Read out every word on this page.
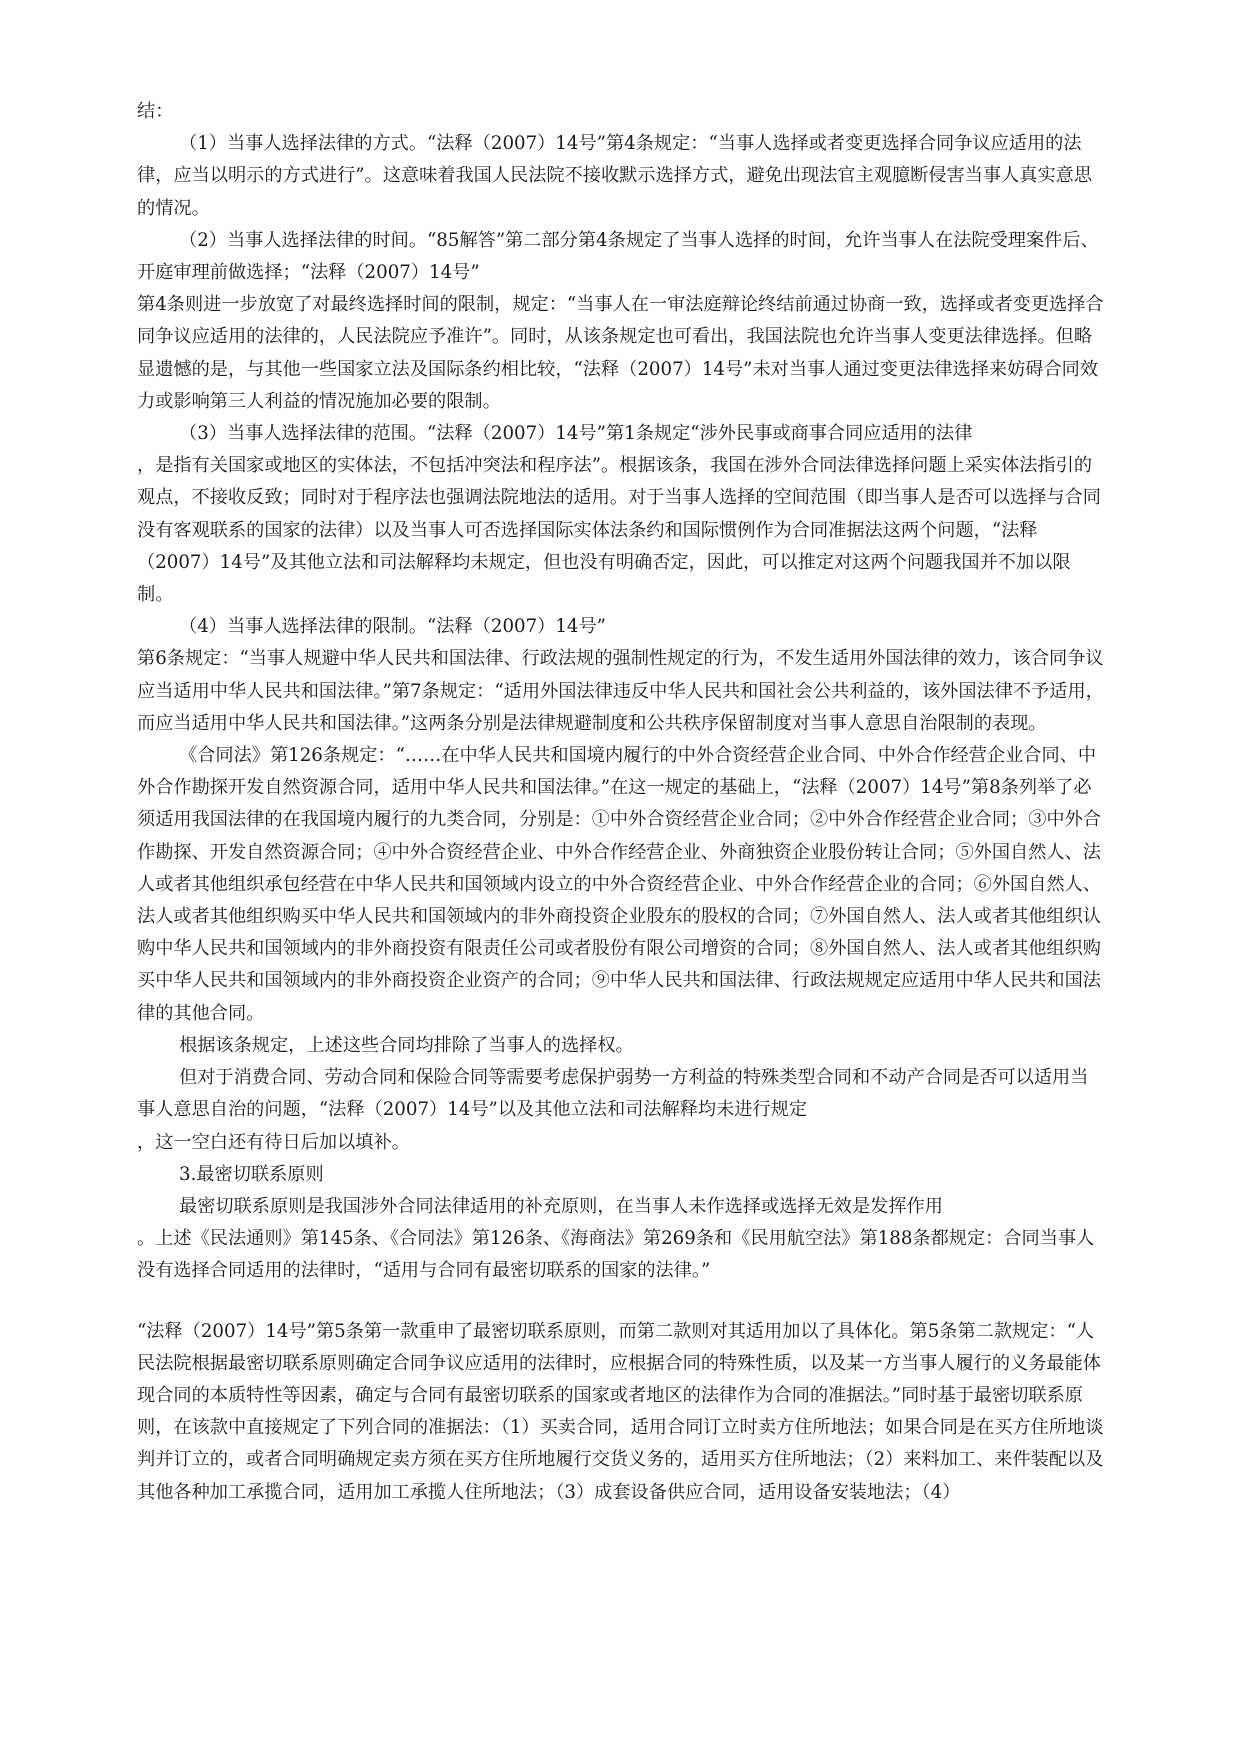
结：

（1）当事人选择法律的方式。“法释（2007）14号”第4条规定：“当事人选择或者变更选择合同争议应适用的法律，应当以明示的方式进行”。这意味着我国人民法院不接收默示选择方式，避免出现法官主观臆断侵害当事人真实意思的情况。

（2）当事人选择法律的时间。“85解答”第二部分第4条规定了当事人选择的时间，允许当事人在法院受理案件后、开庭审理前做选择；“法释（2007）14号”
第4条则进一步放宽了对最终选择时间的限制，规定：“当事人在一审法庭辩论终结前通过协商一致，选择或者变更选择合同争议应适用的法律的，人民法院应予准许”。同时，从该条规定也可看出，我国法院也允许当事人变更法律选择。但略显遗憾的是，与其他一些国家立法及国际条约相比较，“法释（2007）14号”未对当事人通过变更法律选择来妨碍合同效力或影响第三人利益的情况施加必要的限制。

（3）当事人选择法律的范围。“法释（2007）14号”第1条规定“涉外民事或商事合同应适用的法律
，是指有关国家或地区的实体法，不包括冲突法和程序法”。根据该条，我国在涉外合同法律选择问题上采实体法指引的观点，不接收反致；同时对于程序法也强调法院地法的适用。对于当事人选择的空间范围（即当事人是否可以选择与合同没有客观联系的国家的法律）以及当事人可否选择国际实体法条约和国际惯例作为合同准据法这两个问题，“法释（2007）14号”及其他立法和司法解释均未规定，但也没有明确否定，因此，可以推定对这两个问题我国并不加以限制。

（4）当事人选择法律的限制。“法释（2007）14号”
第6条规定：“当事人规避中华人民共和国法律、行政法规的强制性规定的行为，不发生适用外国法律的效力，该合同争议应当适用中华人民共和国法律。”第7条规定：“适用外国法律违反中华人民共和国社会公共利益的，该外国法律不予适用，而应当适用中华人民共和国法律。”这两条分别是法律规避制度和公共秩序保留制度对当事人意思自治限制的表现。

《合同法》第126条规定：“……在中华人民共和国境内履行的中外合资经营企业合同、中外合作经营企业合同、中外合作勘探开发自然资源合同，适用中华人民共和国法律。”在这一规定的基础上，“法释（2007）14号”第8条列举了必须适用我国法律的在我国境内履行的九类合同，分别是：①中外合资经营企业合同；②中外合作经营企业合同；③中外合作勘探、开发自然资源合同；④中外合资经营企业、中外合作经营企业、外商独资企业股份转让合同；⑤外国自然人、法人或者其他组织承包经营在中华人民共和国领域内设立的中外合资经营企业、中外合作经营企业的合同；⑥外国自然人、法人或者其他组织购买中华人民共和国领域内的非外商投资企业股东的股权的合同；⑦外国自然人、法人或者其他组织认购中华人民共和国领域内的非外商投资有限责任公司或者股份有限公司增资的合同；⑧外国自然人、法人或者其他组织购买中华人民共和国领域内的非外商投资企业资产的合同；⑨中华人民共和国法律、行政法规规定应适用中华人民共和国法律的其他合同。

根据该条规定，上述这些合同均排除了当事人的选择权。

但对于消费合同、劳动合同和保险合同等需要考虑保护弱势一方利益的特殊类型合同和不动产合同是否可以适用当事人意思自治的问题，“法释（2007）14号”以及其他立法和司法解释均未进行规定
，这一空白还有待日后加以填补。

3.最密切联系原则

最密切联系原则是我国涉外合同法律适用的补充原则，在当事人未作选择或选择无效是发挥作用
。上述《民法通则》第145条、《合同法》第126条、《海商法》第269条和《民用航空法》第188条都规定：合同当事人没有选择合同适用的法律时，“适用与合同有最密切联系的国家的法律。”

“法释（2007）14号”第5条第一款重申了最密切联系原则，而第二款则对其适用加以了具体化。第5条第二款规定：“人民法院根据最密切联系原则确定合同争议应适用的法律时，应根据合同的特殊性质，以及某一方当事人履行的义务最能体现合同的本质特性等因素，确定与合同有最密切联系的国家或者地区的法律作为合同的准据法。”同时基于最密切联系原则，在该款中直接规定了下列合同的准据法：（1）买卖合同，适用合同订立时卖方住所地法；如果合同是在买方住所地谈判并订立的，或者合同明确规定卖方须在买方住所地履行交货义务的，适用买方住所地法；（2）来料加工、来件装配以及其他各种加工承揽合同，适用加工承揽人住所地法；（3）成套设备供应合同，适用设备安装地法；（4）
